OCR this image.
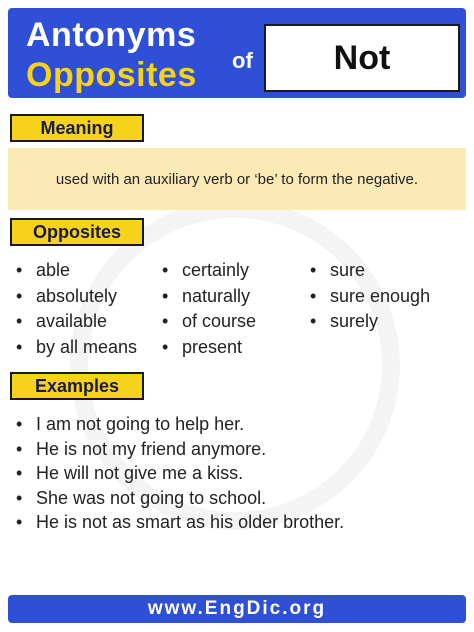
Antonyms
Opposites of Not
Meaning
used with an auxiliary verb or ‘be’ to form the negative.
Opposites
• able
• absolutely
• available
• by all means
• certainly
• naturally
• of course
• present
• sure
• sure enough
• surely
Examples
• I am not going to help her.
• He is not my friend anymore.
• He will not give me a kiss.
• She was not going to school.
• He is not as smart as his older brother.
www.EngDic.org
